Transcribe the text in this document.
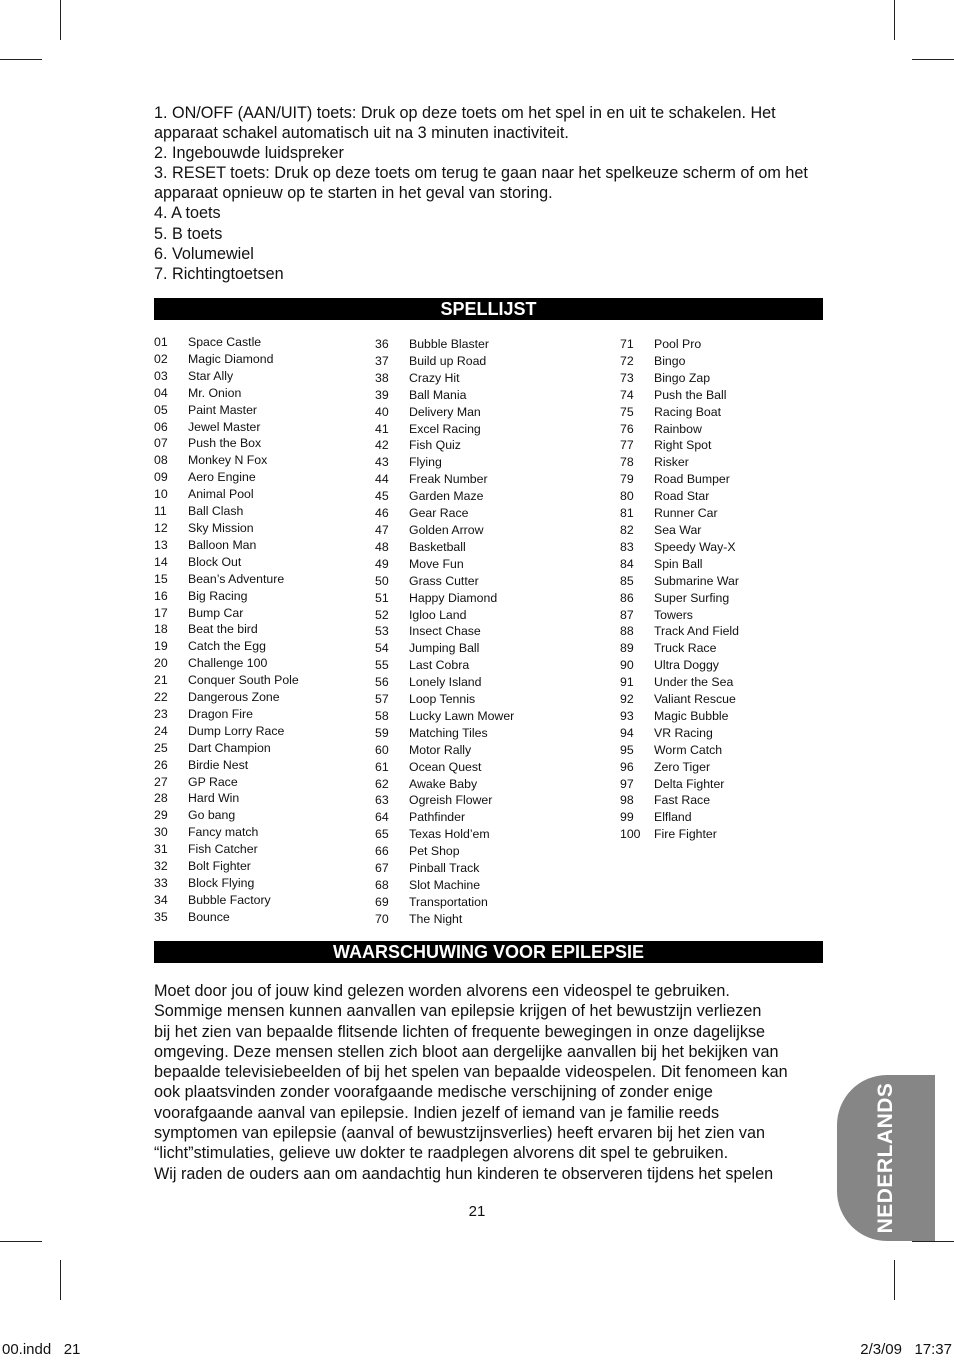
1. ON/OFF (AAN/UIT) toets: Druk op deze toets om het spel in en uit te schakelen. Het apparaat schakel automatisch uit na 3 minuten inactiviteit.
2. Ingebouwde luidspreker
3. RESET toets: Druk op deze toets om terug te gaan naar het spelkeuze scherm of om het apparaat opnieuw op te starten in het geval van storing.
4. A toets
5. B toets
6. Volumewiel
7. Richtingtoetsen
SPELLIJST
01 Space Castle
02 Magic Diamond
03 Star Ally
04 Mr. Onion
05 Paint Master
06 Jewel Master
07 Push the Box
08 Monkey N Fox
09 Aero Engine
10 Animal Pool
11 Ball Clash
12 Sky Mission
13 Balloon Man
14 Block Out
15 Bean’s Adventure
16 Big Racing
17 Bump Car
18 Beat the bird
19 Catch the Egg
20 Challenge 100
21 Conquer South Pole
22 Dangerous Zone
23 Dragon Fire
24 Dump Lorry Race
25 Dart Champion
26 Birdie Nest
27 GP Race
28 Hard Win
29 Go bang
30 Fancy match
31 Fish Catcher
32 Bolt Fighter
33 Block Flying
34 Bubble Factory
35 Bounce
36 Bubble Blaster
37 Build up Road
38 Crazy Hit
39 Ball Mania
40 Delivery Man
41 Excel Racing
42 Fish Quiz
43 Flying
44 Freak Number
45 Garden Maze
46 Gear Race
47 Golden Arrow
48 Basketball
49 Move Fun
50 Grass Cutter
51 Happy Diamond
52 Igloo Land
53 Insect Chase
54 Jumping Ball
55 Last Cobra
56 Lonely Island
57 Loop Tennis
58 Lucky Lawn Mower
59 Matching Tiles
60 Motor Rally
61 Ocean Quest
62 Awake Baby
63 Ogreish Flower
64 Pathfinder
65 Texas Hold’em
66 Pet Shop
67 Pinball Track
68 Slot Machine
69 Transportation
70 The Night
71 Pool Pro
72 Bingo
73 Bingo Zap
74 Push the Ball
75 Racing Boat
76 Rainbow
77 Right Spot
78 Risker
79 Road Bumper
80 Road Star
81 Runner Car
82 Sea War
83 Speedy Way-X
84 Spin Ball
85 Submarine War
86 Super Surfing
87 Towers
88 Track And Field
89 Truck Race
90 Ultra Doggy
91 Under the Sea
92 Valiant Rescue
93 Magic Bubble
94 VR Racing
95 Worm Catch
96 Zero Tiger
97 Delta Fighter
98 Fast Race
99 Elfland
100 Fire Fighter
WAARSCHUWING VOOR EPILEPSIE

Moet door jou of jouw kind gelezen worden alvorens een videospel te gebruiken.
Sommige mensen kunnen aanvallen van epilepsie krijgen of het bewustzijn verliezen
bij het zien van bepaalde flitsende lichten of frequente bewegingen in onze dagelijkse
omgeving. Deze mensen stellen zich bloot aan dergelijke aanvallen bij het bekijken van
bepaalde televisiebeelden of bij het spelen van bepaalde videospelen. Dit fenomeen kan
ook plaatsvinden zonder voorafgaande medische verschijning of zonder enige
voorafgaande aanval van epilepsie. Indien jezelf of iemand van je familie reeds
symptomen van epilepsie (aanval of bewustzijnsverlies) heeft ervaren bij het zien van
“licht”stimulaties, gelieve uw dokter te raadplegen alvorens dit spel te gebruiken.
Wij raden de ouders aan om aandachtig hun kinderen te observeren tijdens het spelen

21	NEDERLANDS
00.indd   21	2/3/09   17:37
